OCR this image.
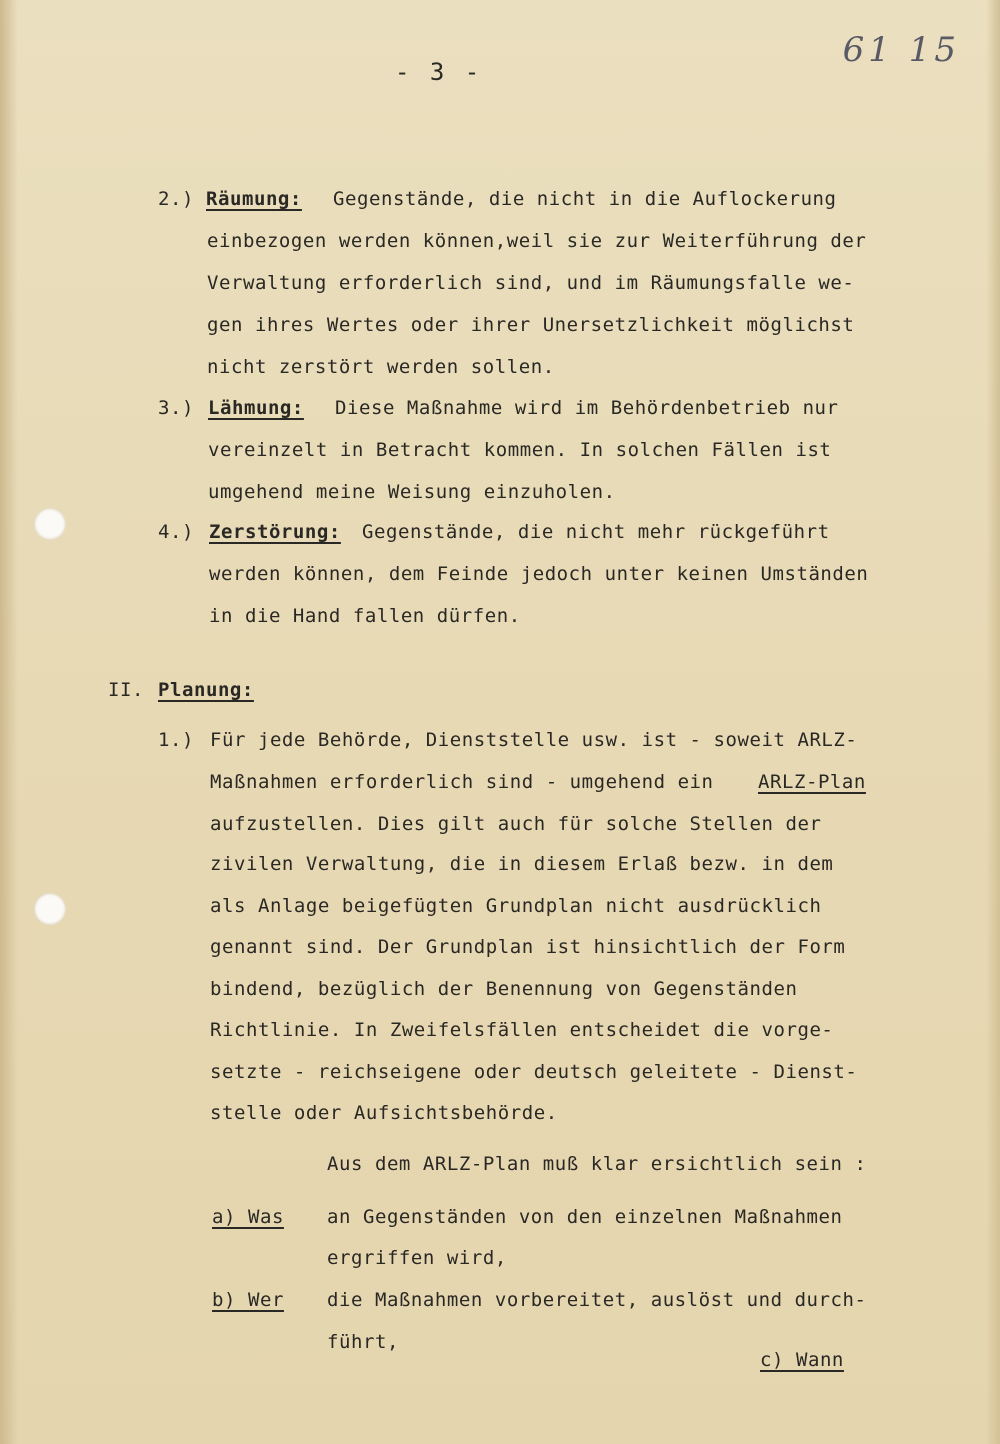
- 3 -
61 15
2.) Räumung: Gegenstände, die nicht in die Auflockerung
einbezogen werden können,weil sie zur Weiterführung der
Verwaltung erforderlich sind, und im Räumungsfalle we-
gen ihres Wertes oder ihrer Unersetzlichkeit möglichst
nicht zerstört werden sollen.
3.) Lähmung: Diese Maßnahme wird im Behördenbetrieb nur
vereinzelt in Betracht kommen. In solchen Fällen ist
umgehend meine Weisung einzuholen.
4.) Zerstörung: Gegenstände, die nicht mehr rückgeführt
werden können, dem Feinde jedoch unter keinen Umständen
in die Hand fallen dürfen.
II. Planung:
1.) Für jede Behörde, Dienststelle usw. ist - soweit ARLZ-
Maßnahmen erforderlich sind - umgehend ein ARLZ-Plan
aufzustellen. Dies gilt auch für solche Stellen der
zivilen Verwaltung, die in diesem Erlaß bezw. in dem
als Anlage beigefügten Grundplan nicht ausdrücklich
genannt sind. Der Grundplan ist hinsichtlich der Form
bindend, bezüglich der Benennung von Gegenständen
Richtlinie. In Zweifelsfällen entscheidet die vorge-
setzte - reichseigene oder deutsch geleitete - Dienst-
stelle oder Aufsichtsbehörde.
Aus dem ARLZ-Plan muß klar ersichtlich sein :
a) Was an Gegenständen von den einzelnen Maßnahmen
ergriffen wird,
b) Wer die Maßnahmen vorbereitet, auslöst und durch-
führt,
c) Wann
